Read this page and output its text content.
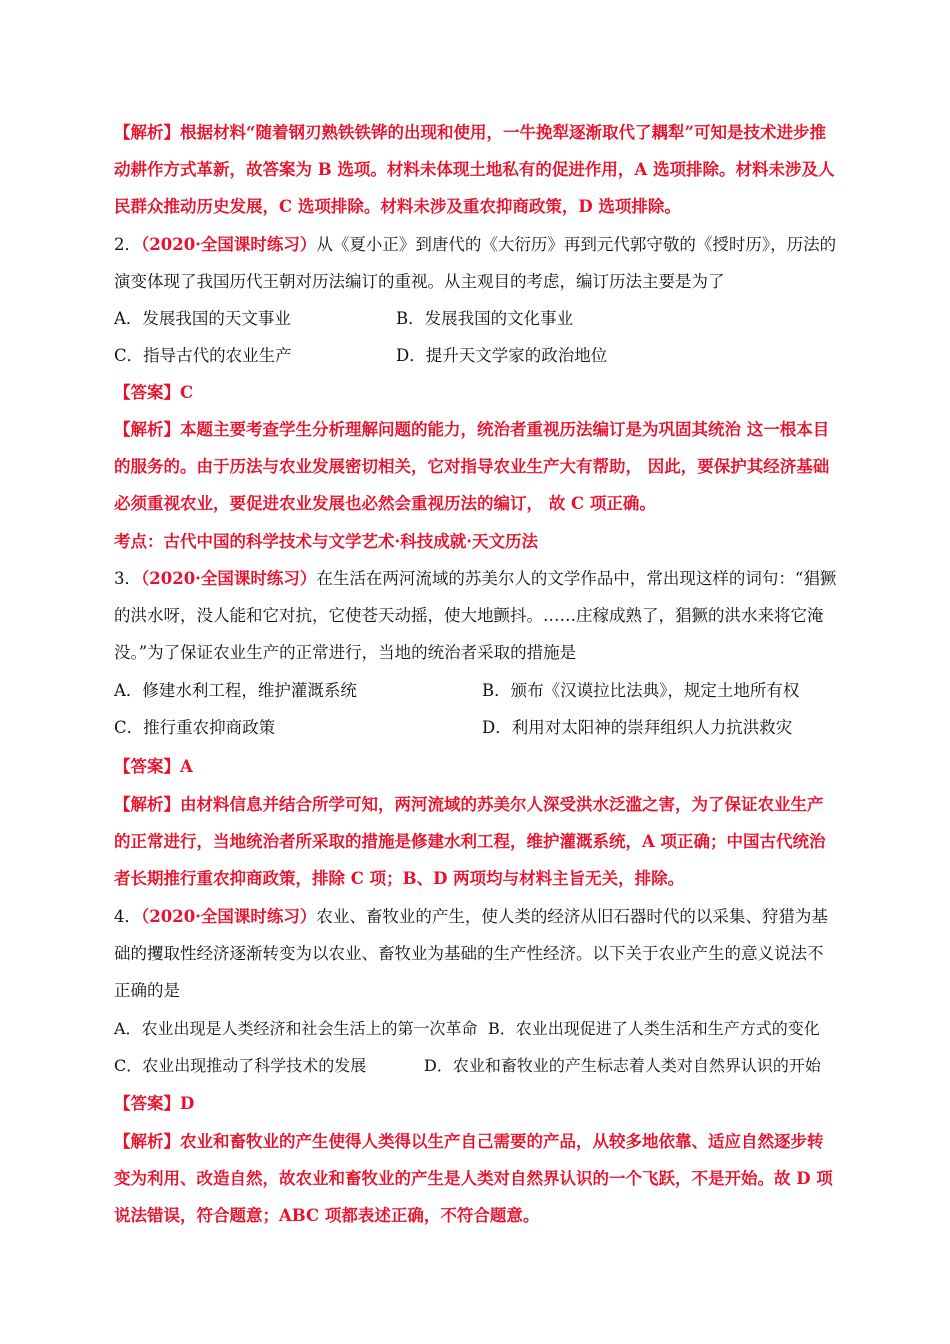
【解析】根据材料“随着钢刃熟铁铁铧的出现和使用，一牛挽犁逐渐取代了耦犁”可知是技术进步推动耕作方式革新，故答案为 B 选项。材料未体现土地私有的促进作用，A 选项排除。材料未涉及人民群众推动历史发展，C 选项排除。材料未涉及重农抑商政策，D 选项排除。
2．（2020·全国课时练习）从《夏小正》到唐代的《大衍历》再到元代郭守敬的《授时历》，历法的演变体现了我国历代王朝对历法编订的重视。从主观目的考虑，编订历法主要是为了
A．发展我国的天文事业	B．发展我国的文化事业
C．指导古代的农业生产	D．提升天文学家的政治地位
【答案】C
【解析】本题主要考查学生分析理解问题的能力，统治者重视历法编订是为巩固其统治 这一根本目的服务的。由于历法与农业发展密切相关，它对指导农业生产大有帮助， 因此，要保护其经济基础必须重视农业，要促进农业发展也必然会重视历法的编订， 故 C 项正确。
考点：古代中国的科学技术与文学艺术·科技成就·天文历法
3．（2020·全国课时练习）在生活在两河流域的苏美尔人的文学作品中，常出现这样的词句：“猖獗的洪水呀，没人能和它对抗，它使苍天动摇，使大地颤抖。……庄稼成熟了，猖獗的洪水来将它淹没。”为了保证农业生产的正常进行，当地的统治者采取的措施是
A．修建水利工程，维护灌溉系统	B．颁布《汉谟拉比法典》，规定土地所有权
C．推行重农抑商政策	D．利用对太阳神的崇拜组织人力抗洪救灾
【答案】A
【解析】由材料信息并结合所学可知，两河流域的苏美尔人深受洪水泛滥之害，为了保证农业生产的正常进行，当地统治者所采取的措施是修建水利工程，维护灌溉系统，A 项正确；中国古代统治者长期推行重农抑商政策，排除 C 项；B、D 两项均与材料主旨无关，排除。
4．（2020·全国课时练习）农业、畜牧业的产生，使人类的经济从旧石器时代的以采集、狩猎为基础的攫取性经济逐渐转变为以农业、畜牧业为基础的生产性经济。以下关于农业产生的意义说法不正确的是
A．农业出现是人类经济和社会生活上的第一次革命 B．农业出现促进了人类生活和生产方式的变化
C．农业出现推动了科学技术的发展	D．农业和畜牧业的产生标志着人类对自然界认识的开始
【答案】D
【解析】农业和畜牧业的产生使得人类得以生产自己需要的产品，从较多地依靠、适应自然逐步转变为利用、改造自然，故农业和畜牧业的产生是人类对自然界认识的一个飞跃，不是开始。故 D 项说法错误，符合题意；ABC 项都表述正确，不符合题意。
